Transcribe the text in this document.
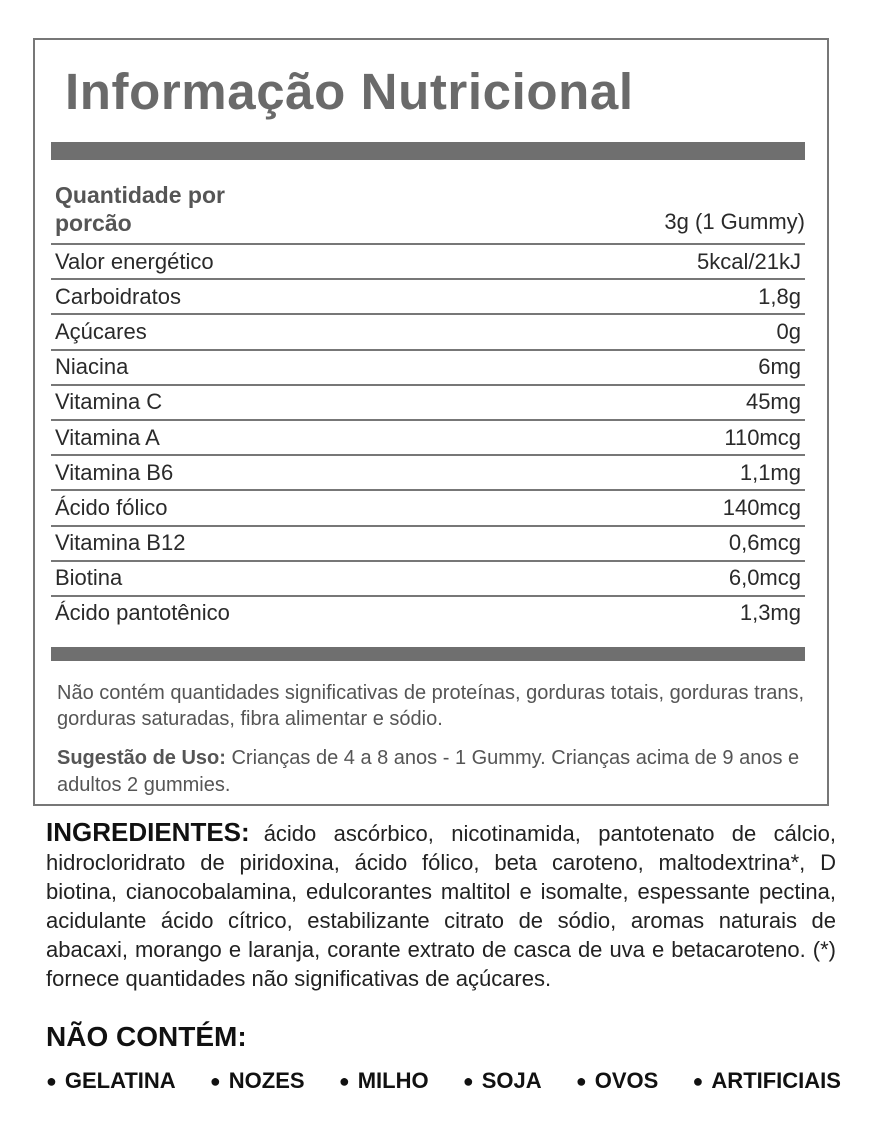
Informação Nutricional
Quantidade por porcão	3g (1 Gummy)
Valor energético	5kcal/21kJ
Carboidratos	1,8g
Açúcares	0g
Niacina	6mg
Vitamina C	45mg
Vitamina A	110mcg
Vitamina B6	1,1mg
Ácido fólico	140mcg
Vitamina B12	0,6mcg
Biotina	6,0mcg
Ácido pantotênico	1,3mg
Não contém quantidades significativas de proteínas, gorduras totais, gorduras trans, gorduras saturadas, fibra alimentar e sódio.
Sugestão de Uso: Crianças de 4 a 8 anos - 1 Gummy. Crianças acima de 9 anos e adultos 2 gummies.
INGREDIENTES: ácido ascórbico, nicotinamida, pantotenato de cálcio, hidrocloridrato de piridoxina, ácido fólico, beta caroteno, maltodextrina*, D biotina, cianocobalamina, edulcorantes maltitol e isomalte, espessante pectina, acidulante ácido cítrico, estabilizante citrato de sódio, aromas naturais de abacaxi, morango e laranja, corante extrato de casca de uva e betacaroteno. (*) fornece quantidades não significativas de açúcares.
NÃO CONTÉM:
● GELATINA ● NOZES ● MILHO ● SOJA ● OVOS ● ARTIFICIAIS
